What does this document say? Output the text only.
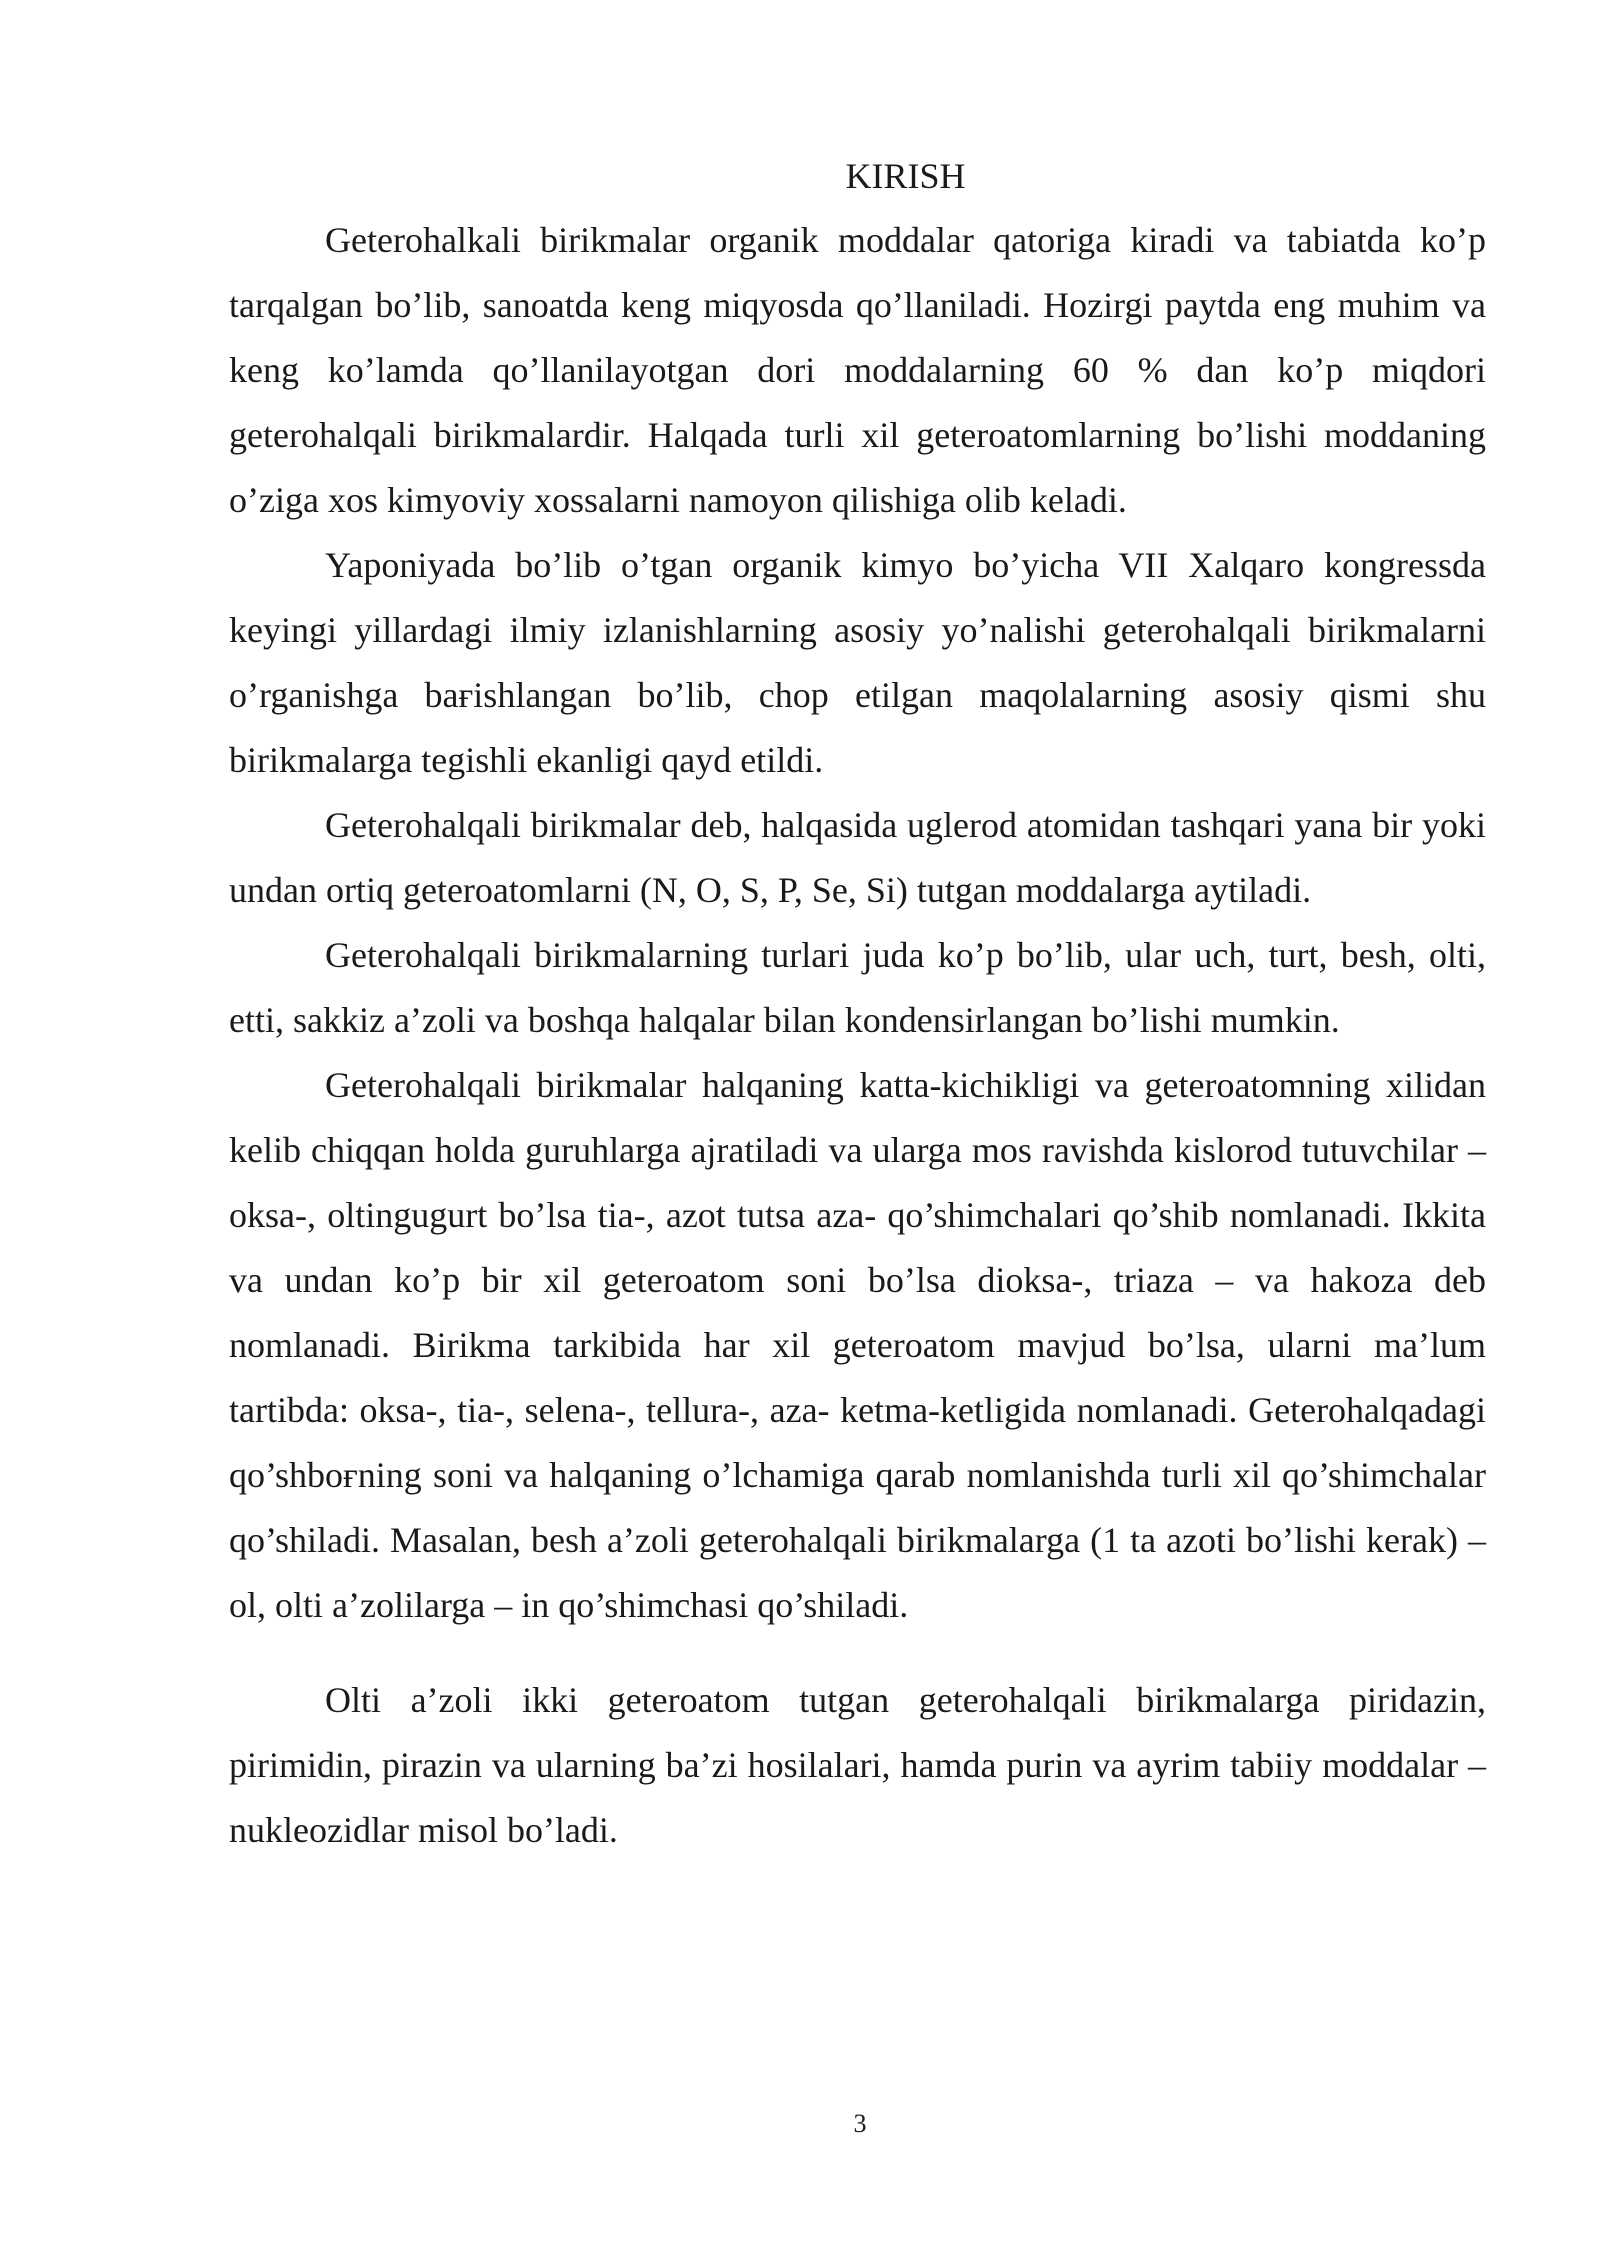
KIRISH

Geterohalkali birikmalar organik moddalar qatoriga kiradi va tabiatda ko’p tarqalgan bo’lib, sanoatda keng miqyosda qo’llaniladi. Hozirgi paytda eng muhim va keng ko’lamda qo’llanilayotgan dori moddalarning 60 % dan ko’p miqdori geterohalqali birikmalardir. Halqada turli xil geteroatomlarning bo’lishi moddaning o’ziga xos kimyoviy xossalarni namoyon qilishiga olib keladi.

Yaponiyada bo’lib o’tgan organik kimyo bo’yicha VII Xalqaro kongressda keyingi yillardagi ilmiy izlanishlarning asosiy yo’nalishi geterohalqali birikmalarni o’rganishga baғishlangan bo’lib, chop etilgan maqolalarning asosiy qismi shu birikmalarga tegishli ekanligi qayd etildi.

Geterohalqali birikmalar deb, halqasida uglerod atomidan tashqari yana bir yoki undan ortiq geteroatomlarni (N, O, S, P, Se, Si) tutgan moddalarga aytiladi.

Geterohalqali birikmalarning turlari juda ko’p bo’lib, ular uch, turt, besh, olti, etti, sakkiz a’zoli va boshqa halqalar bilan kondensirlangan bo’lishi mumkin.

Geterohalqali birikmalar halqaning katta-kichikligi va geteroatomning xilidan kelib chiqqan holda guruhlarga ajratiladi va ularga mos ravishda kislorod tutuvchilar – oksa-, oltingugurt bo’lsa tia-, azot tutsa aza- qo’shimchalari qo’shib nomlanadi. Ikkita va undan ko’p bir xil geteroatom soni bo’lsa dioksa-, triaza – va hakoza deb nomlanadi. Birikma tarkibida har xil geteroatom mavjud bo’lsa, ularni ma’lum tartibda: oksa-, tia-, selena-, tellura-, aza- ketma-ketligida nomlanadi. Geterohalqadagi qo’shboғning soni va halqaning o’lchamiga qarab nomlanishda turli xil qo’shimchalar qo’shiladi. Masalan, besh a’zoli geterohalqali birikmalarga (1 ta azoti bo’lishi kerak) – ol, olti a’zolilarga – in qo’shimchasi qo’shiladi.

Olti a’zoli ikki geteroatom tutgan geterohalqali birikmalarga piridazin, pirimidin, pirazin va ularning ba’zi hosilalari, hamda purin va ayrim tabiiy moddalar – nukleozidlar misol bo’ladi.

3
